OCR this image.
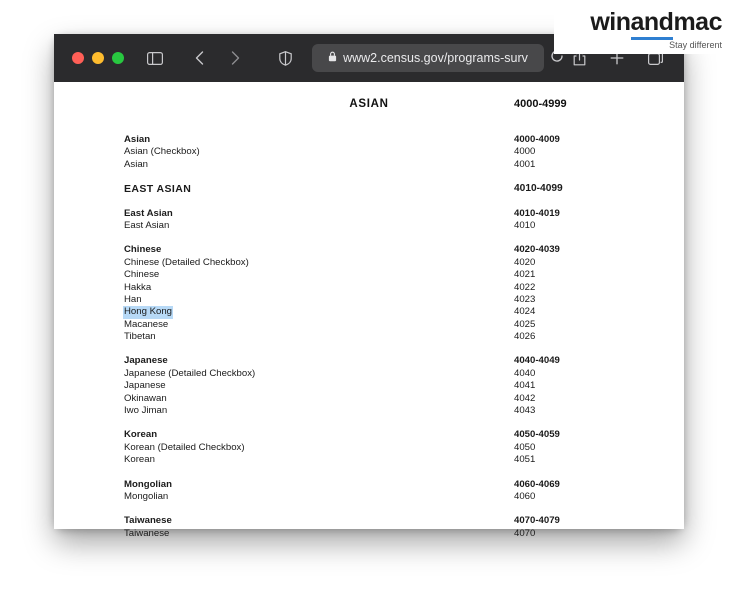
winandmac
Stay different
www2.census.gov/programs-surv
ASIAN	4000-4999
Asian	4000-4009
Asian (Checkbox)	4000
Asian	4001
EAST ASIAN	4010-4099
East Asian	4010-4019
East Asian	4010
Chinese	4020-4039
Chinese (Detailed Checkbox)	4020
Chinese	4021
Hakka	4022
Han	4023
Hong Kong	4024
Macanese	4025
Tibetan	4026
Japanese	4040-4049
Japanese (Detailed Checkbox)	4040
Japanese	4041
Okinawan	4042
Iwo Jiman	4043
Korean	4050-4059
Korean (Detailed Checkbox)	4050
Korean	4051
Mongolian	4060-4069
Mongolian	4060
Taiwanese	4070-4079
Taiwanese	4070
